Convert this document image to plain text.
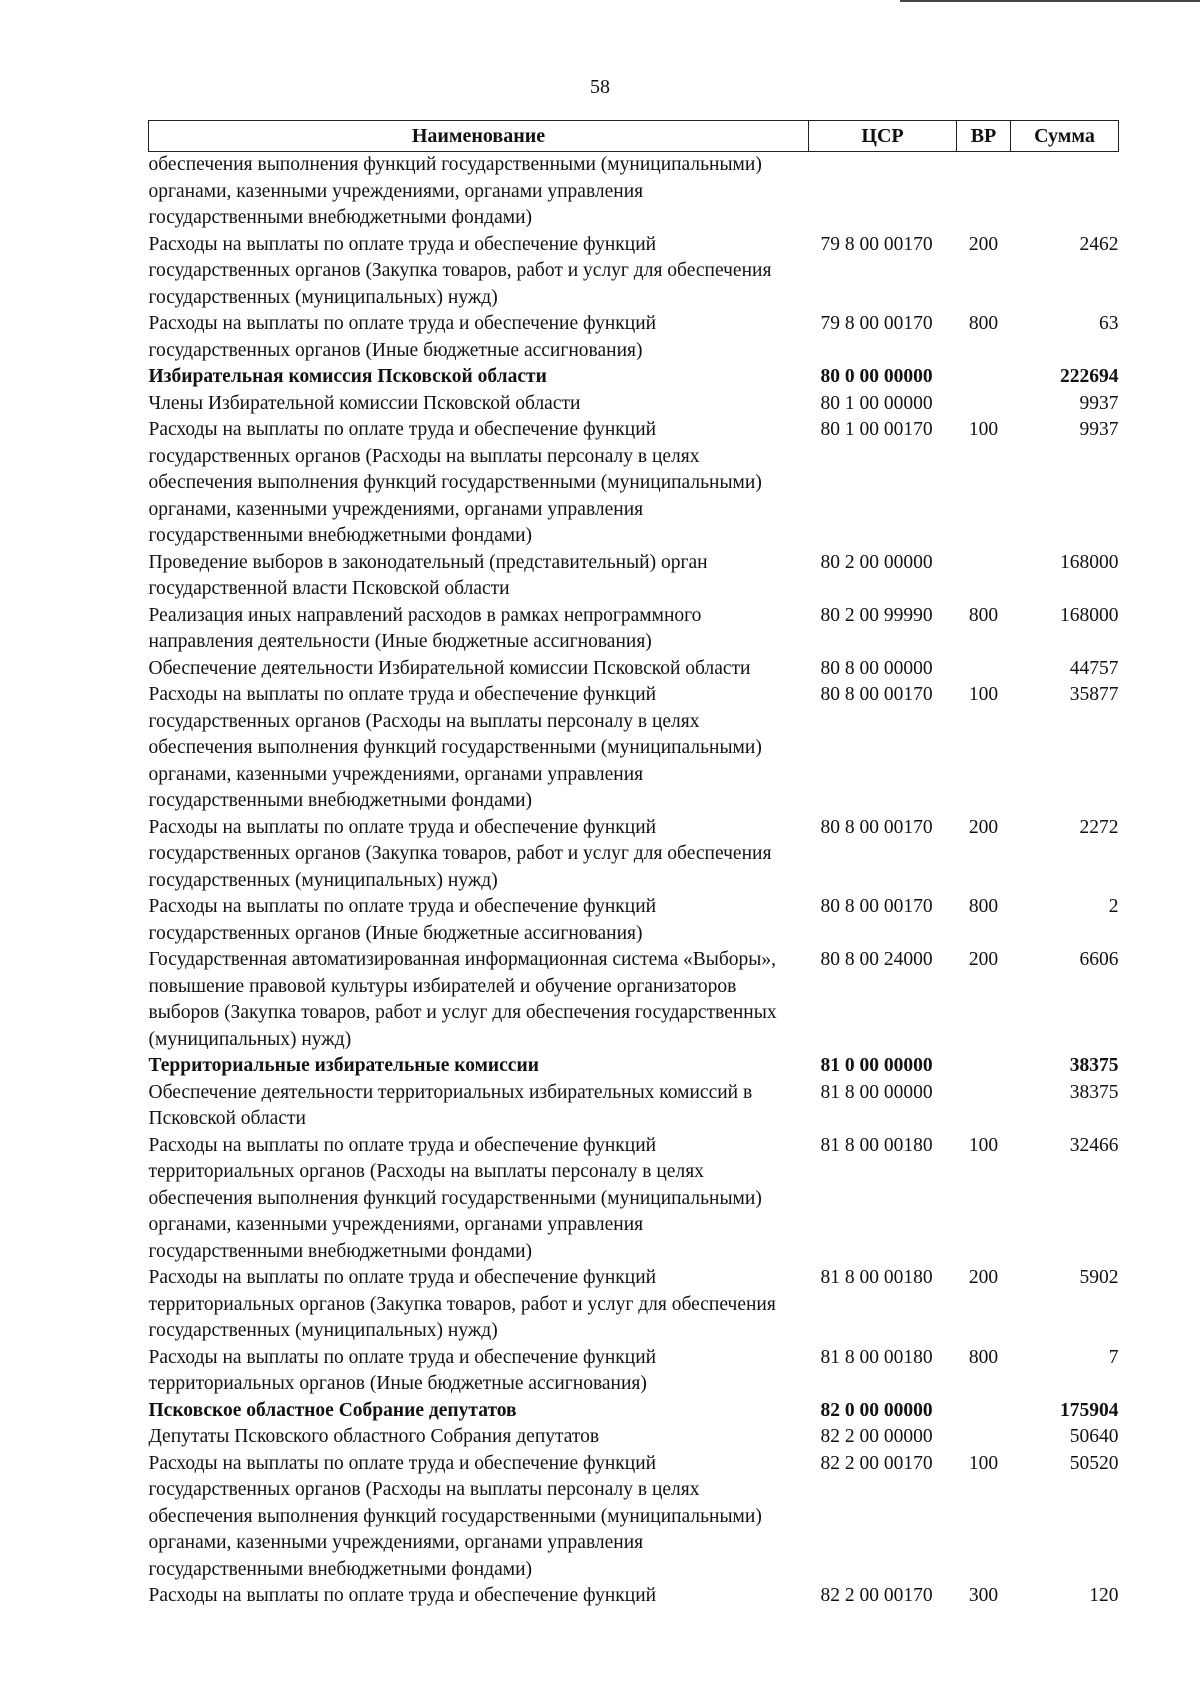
58
Наименование	ЦСР	ВР	Сумма
обеспечения выполнения функций государственными (муниципальными) органами, казенными учреждениями, органами управления государственными внебюджетными фондами)			
Расходы на выплаты по оплате труда и обеспечение функций государственных органов (Закупка товаров, работ и услуг для обеспечения государственных (муниципальных) нужд)	79 8 00 00170	200	2462
Расходы на выплаты по оплате труда и обеспечение функций государственных органов (Иные бюджетные ассигнования)	79 8 00 00170	800	63
Избирательная комиссия Псковской области	80 0 00 00000		222694
Члены Избирательной комиссии Псковской области	80 1 00 00000		9937
Расходы на выплаты по оплате труда и обеспечение функций государственных органов (Расходы на выплаты персоналу в целях обеспечения выполнения функций государственными (муниципальными) органами, казенными учреждениями, органами управления государственными внебюджетными фондами)	80 1 00 00170	100	9937
Проведение выборов в законодательный (представительный) орган государственной власти Псковской области	80 2 00 00000		168000
Реализация иных направлений расходов в рамках непрограммного направления деятельности (Иные бюджетные ассигнования)	80 2 00 99990	800	168000
Обеспечение деятельности Избирательной комиссии Псковской области	80 8 00 00000		44757
Расходы на выплаты по оплате труда и обеспечение функций государственных органов (Расходы на выплаты персоналу в целях обеспечения выполнения функций государственными (муниципальными) органами, казенными учреждениями, органами управления государственными внебюджетными фондами)	80 8 00 00170	100	35877
Расходы на выплаты по оплате труда и обеспечение функций государственных органов (Закупка товаров, работ и услуг для обеспечения государственных (муниципальных) нужд)	80 8 00 00170	200	2272
Расходы на выплаты по оплате труда и обеспечение функций государственных органов (Иные бюджетные ассигнования)	80 8 00 00170	800	2
Государственная автоматизированная информационная система «Выборы», повышение правовой культуры избирателей и обучение организаторов выборов (Закупка товаров, работ и услуг для обеспечения государственных (муниципальных) нужд)	80 8 00 24000	200	6606
Территориальные избирательные комиссии	81 0 00 00000		38375
Обеспечение деятельности территориальных избирательных комиссий в Псковской области	81 8 00 00000		38375
Расходы на выплаты по оплате труда и обеспечение функций территориальных органов (Расходы на выплаты персоналу в целях обеспечения выполнения функций государственными (муниципальными) органами, казенными учреждениями, органами управления государственными внебюджетными фондами)	81 8 00 00180	100	32466
Расходы на выплаты по оплате труда и обеспечение функций территориальных органов (Закупка товаров, работ и услуг для обеспечения государственных (муниципальных) нужд)	81 8 00 00180	200	5902
Расходы на выплаты по оплате труда и обеспечение функций территориальных органов (Иные бюджетные ассигнования)	81 8 00 00180	800	7
Псковское областное Собрание депутатов	82 0 00 00000		175904
Депутаты Псковского областного Собрания депутатов	82 2 00 00000		50640
Расходы на выплаты по оплате труда и обеспечение функций государственных органов (Расходы на выплаты персоналу в целях обеспечения выполнения функций государственными (муниципальными) органами, казенными учреждениями, органами управления государственными внебюджетными фондами)	82 2 00 00170	100	50520
Расходы на выплаты по оплате труда и обеспечение функций	82 2 00 00170	300	120
